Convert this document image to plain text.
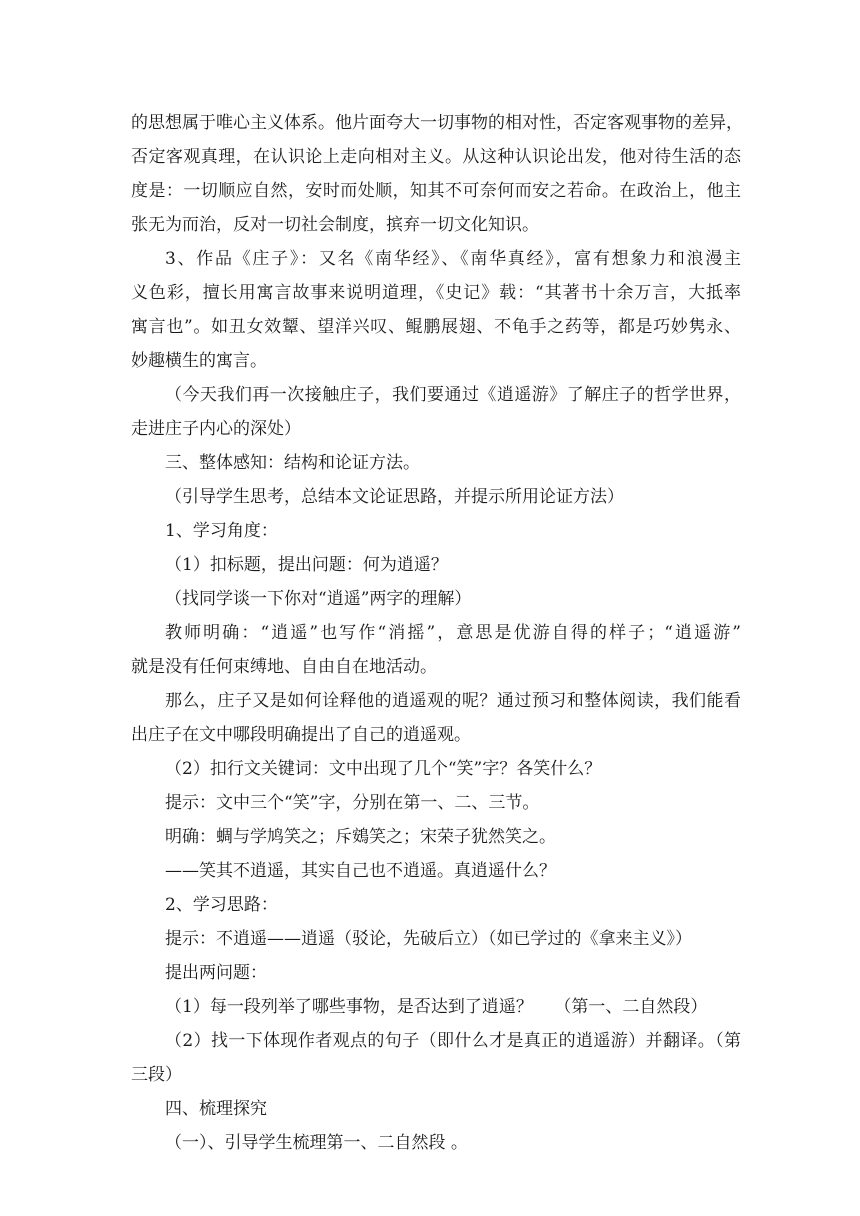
的思想属于唯心主义体系。他片面夸大一切事物的相对性，否定客观事物的差异，
否定客观真理，在认识论上走向相对主义。从这种认识论出发，他对待生活的态
度是：一切顺应自然，安时而处顺，知其不可奈何而安之若命。在政治上，他主
张无为而治，反对一切社会制度，摈弃一切文化知识。
3、作品《庄子》：又名《南华经》、《南华真经》，富有想象力和浪漫主
义色彩，擅长用寓言故事来说明道理，《史记》载：“其著书十余万言，大抵率
寓言也”。如丑女效颦、望洋兴叹、鲲鹏展翅、不龟手之药等，都是巧妙隽永、
妙趣横生的寓言。
（今天我们再一次接触庄子，我们要通过《逍遥游》了解庄子的哲学世界，
走进庄子内心的深处）
三、整体感知：结构和论证方法。
（引导学生思考，总结本文论证思路，并提示所用论证方法）
1、学习角度：
（1）扣标题，提出问题：何为逍遥？
（找同学谈一下你对“逍遥”两字的理解）
教师明确：“逍遥”也写作“消摇”，意思是优游自得的样子；“逍遥游”
就是没有任何束缚地、自由自在地活动。
那么，庄子又是如何诠释他的逍遥观的呢？通过预习和整体阅读，我们能看
出庄子在文中哪段明确提出了自己的逍遥观。
（2）扣行文关键词：文中出现了几个“笑”字？各笑什么？
提示：文中三个“笑”字，分别在第一、二、三节。
明确：蜩与学鸠笑之；斥鴳笑之；宋荣子犹然笑之。
——笑其不逍遥，其实自己也不逍遥。真逍遥什么？
2、学习思路：
提示：不逍遥——逍遥（驳论，先破后立）（如已学过的《拿来主义》）
提出两问题：
（1）每一段列举了哪些事物，是否达到了逍遥？    （第一、二自然段）
（2）找一下体现作者观点的句子（即什么才是真正的逍遥游）并翻译。（第
三段）
四、梳理探究
（一）、引导学生梳理第一、二自然段 。
